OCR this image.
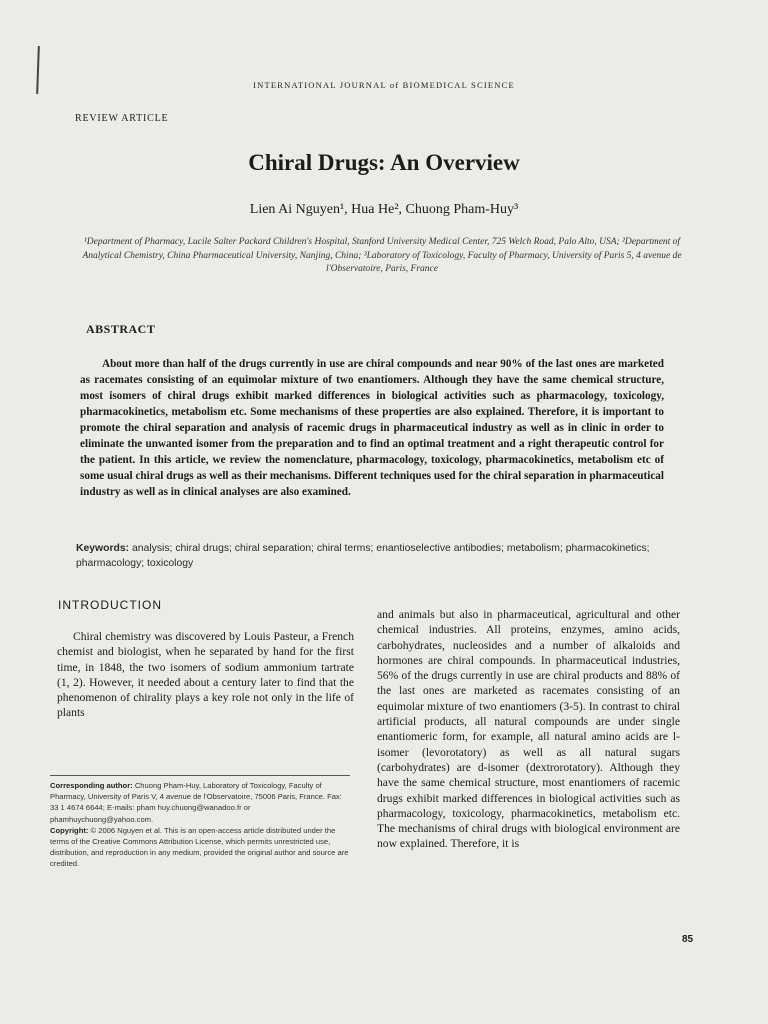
INTERNATIONAL JOURNAL of BIOMEDICAL SCIENCE
REVIEW ARTICLE
Chiral Drugs: An Overview
Lien Ai Nguyen¹, Hua He², Chuong Pham-Huy³
¹Department of Pharmacy, Lucile Salter Packard Children's Hospital, Stanford University Medical Center, 725 Welch Road, Palo Alto, USA; ²Department of Analytical Chemistry, China Pharmaceutical University, Nanjing, China; ³Laboratory of Toxicology, Faculty of Pharmacy, University of Paris 5, 4 avenue de l'Observatoire, Paris, France
ABSTRACT
About more than half of the drugs currently in use are chiral compounds and near 90% of the last ones are marketed as racemates consisting of an equimolar mixture of two enantiomers. Although they have the same chemical structure, most isomers of chiral drugs exhibit marked differences in biological activities such as pharmacology, toxicology, pharmacokinetics, metabolism etc. Some mechanisms of these properties are also explained. Therefore, it is important to promote the chiral separation and analysis of racemic drugs in pharmaceutical industry as well as in clinic in order to eliminate the unwanted isomer from the preparation and to find an optimal treatment and a right therapeutic control for the patient. In this article, we review the nomenclature, pharmacology, toxicology, pharmacokinetics, metabolism etc of some usual chiral drugs as well as their mechanisms. Different techniques used for the chiral separation in pharmaceutical industry as well as in clinical analyses are also examined.
Keywords: analysis; chiral drugs; chiral separation; chiral terms; enantioselective antibodies; metabolism; pharmacokinetics; pharmacology; toxicology
INTRODUCTION
Chiral chemistry was discovered by Louis Pasteur, a French chemist and biologist, when he separated by hand for the first time, in 1848, the two isomers of sodium ammonium tartrate (1, 2). However, it needed about a century later to find that the phenomenon of chirality plays a key role not only in the life of plants
and animals but also in pharmaceutical, agricultural and other chemical industries. All proteins, enzymes, amino acids, carbohydrates, nucleosides and a number of alkaloids and hormones are chiral compounds. In pharmaceutical industries, 56% of the drugs currently in use are chiral products and 88% of the last ones are marketed as racemates consisting of an equimolar mixture of two enantiomers (3-5). In contrast to chiral artificial products, all natural compounds are under single enantiomeric form, for example, all natural amino acids are l-isomer (levorotatory) as well as all natural sugars (carbohydrates) are d-isomer (dextrorotatory). Although they have the same chemical structure, most enantiomers of racemic drugs exhibit marked differences in biological activities such as pharmacology, toxicology, pharmacokinetics, metabolism etc. The mechanisms of chiral drugs with biological environment are now explained. Therefore, it is
Corresponding author: Chuong Pham-Huy, Laboratory of Toxicology, Faculty of Pharmacy, University of Paris V, 4 avenue de l'Observatoire, 75006 Paris, France. Fax: 33 1 4674 6644; E-mails: pham huy.chuong@wanadoo.fr or phamhuychuong@yahoo.com.
Copyright: © 2006 Nguyen et al. This is an open-access article distributed under the terms of the Creative Commons Attribution License, which permits unrestricted use, distribution, and reproduction in any medium, provided the original author and source are credited.
85
